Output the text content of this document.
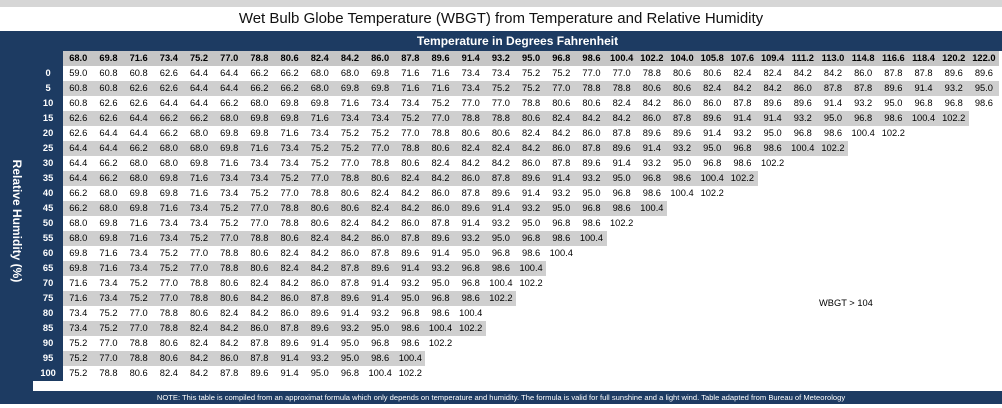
Wet Bulb Globe Temperature (WBGT) from Temperature and Relative Humidity
Temperature in Degrees Fahrenheit
Relative Humidity (%)
	68.0	69.8	71.6	73.4	75.2	77.0	78.8	80.6	82.4	84.2	86.0	87.8	89.6	91.4	93.2	95.0	96.8	98.6	100.4	102.2	104.0	105.8	107.6	109.4	111.2	113.0	114.8	116.6	118.4	120.2	122.0
0	59.0	60.8	60.8	62.6	64.4	64.4	66.2	66.2	68.0	68.0	69.8	71.6	71.6	73.4	73.4	75.2	75.2	77.0	77.0	78.8	80.6	80.6	82.4	82.4	84.2	84.2	86.0	87.8	87.8	89.6	89.6
5	60.8	60.8	62.6	62.6	64.4	64.4	66.2	66.2	68.0	69.8	69.8	71.6	71.6	73.4	75.2	75.2	77.0	78.8	78.8	80.6	80.6	82.4	84.2	84.2	86.0	87.8	87.8	89.6	91.4	93.2	95.0
10	60.8	62.6	62.6	64.4	64.4	66.2	68.0	69.8	69.8	71.6	73.4	73.4	75.2	77.0	77.0	78.8	80.6	80.6	82.4	84.2	86.0	86.0	87.8	89.6	89.6	91.4	93.2	95.0	96.8	96.8	98.6
15	62.6	62.6	64.4	66.2	66.2	68.0	69.8	69.8	71.6	73.4	73.4	75.2	77.0	78.8	78.8	80.6	82.4	84.2	84.2	86.0	87.8	89.6	91.4	91.4	93.2	95.0	96.8	98.6	100.4	102.2	
20	62.6	64.4	64.4	66.2	68.0	69.8	69.8	71.6	73.4	75.2	75.2	77.0	78.8	80.6	80.6	82.4	84.2	86.0	87.8	89.6	89.6	91.4	93.2	95.0	96.8	98.6	100.4	102.2			
25	64.4	64.4	66.2	68.0	68.0	69.8	71.6	73.4	75.2	75.2	77.0	78.8	80.6	82.4	82.4	84.2	86.0	87.8	89.6	91.4	93.2	95.0	96.8	98.6	100.4	102.2					
30	64.4	66.2	68.0	68.0	69.8	71.6	73.4	73.4	75.2	77.0	78.8	80.6	82.4	84.2	84.2	86.0	87.8	89.6	91.4	93.2	95.0	96.8	98.6	102.2							
35	64.4	66.2	68.0	69.8	71.6	73.4	73.4	75.2	77.0	78.8	80.6	82.4	84.2	86.0	87.8	89.6	91.4	93.2	95.0	96.8	98.6	100.4	102.2								
40	66.2	68.0	69.8	69.8	71.6	73.4	75.2	77.0	78.8	80.6	82.4	84.2	86.0	87.8	89.6	91.4	93.2	95.0	96.8	98.6	100.4	102.2									
45	66.2	68.0	69.8	71.6	73.4	75.2	77.0	78.8	80.6	80.6	82.4	84.2	86.0	89.6	91.4	93.2	95.0	96.8	98.6	100.4											
50	68.0	69.8	71.6	73.4	73.4	75.2	77.0	78.8	80.6	82.4	84.2	86.0	87.8	91.4	93.2	95.0	96.8	98.6	102.2												
55	68.0	69.8	71.6	73.4	75.2	77.0	78.8	80.6	82.4	84.2	86.0	87.8	89.6	93.2	95.0	96.8	98.6	100.4													
60	69.8	71.6	73.4	75.2	77.0	78.8	80.6	82.4	84.2	86.0	87.8	89.6	91.4	95.0	96.8	98.6	100.4														
65	69.8	71.6	73.4	75.2	77.0	78.8	80.6	82.4	84.2	87.8	89.6	91.4	93.2	96.8	98.6	100.4															
70	71.6	73.4	75.2	77.0	78.8	80.6	82.4	84.2	86.0	87.8	91.4	93.2	95.0	96.8	100.4	102.2															
75	71.6	73.4	75.2	77.0	78.8	80.6	84.2	86.0	87.8	89.6	91.4	95.0	96.8	98.6	102.2																
80	73.4	75.2	77.0	78.8	80.6	82.4	84.2	86.0	89.6	91.4	93.2	96.8	98.6	100.4																	
85	73.4	75.2	77.0	78.8	82.4	84.2	86.0	87.8	89.6	93.2	95.0	98.6	100.4	102.2																	
90	75.2	77.0	78.8	80.6	82.4	84.2	87.8	89.6	91.4	95.0	96.8	98.6	102.2																		
95	75.2	77.0	78.8	80.6	84.2	86.0	87.8	91.4	93.2	95.0	98.6	100.4																			
100	75.2	78.8	80.6	82.4	84.2	87.8	89.6	91.4	95.0	96.8	100.4	102.2																			
WBGT > 104
NOTE: This table is compiled from an approximat formula which only depends on temperature and humidity. The formula is valid for full sunshine and a light wind. Table adapted from Bureau of Meteorology
